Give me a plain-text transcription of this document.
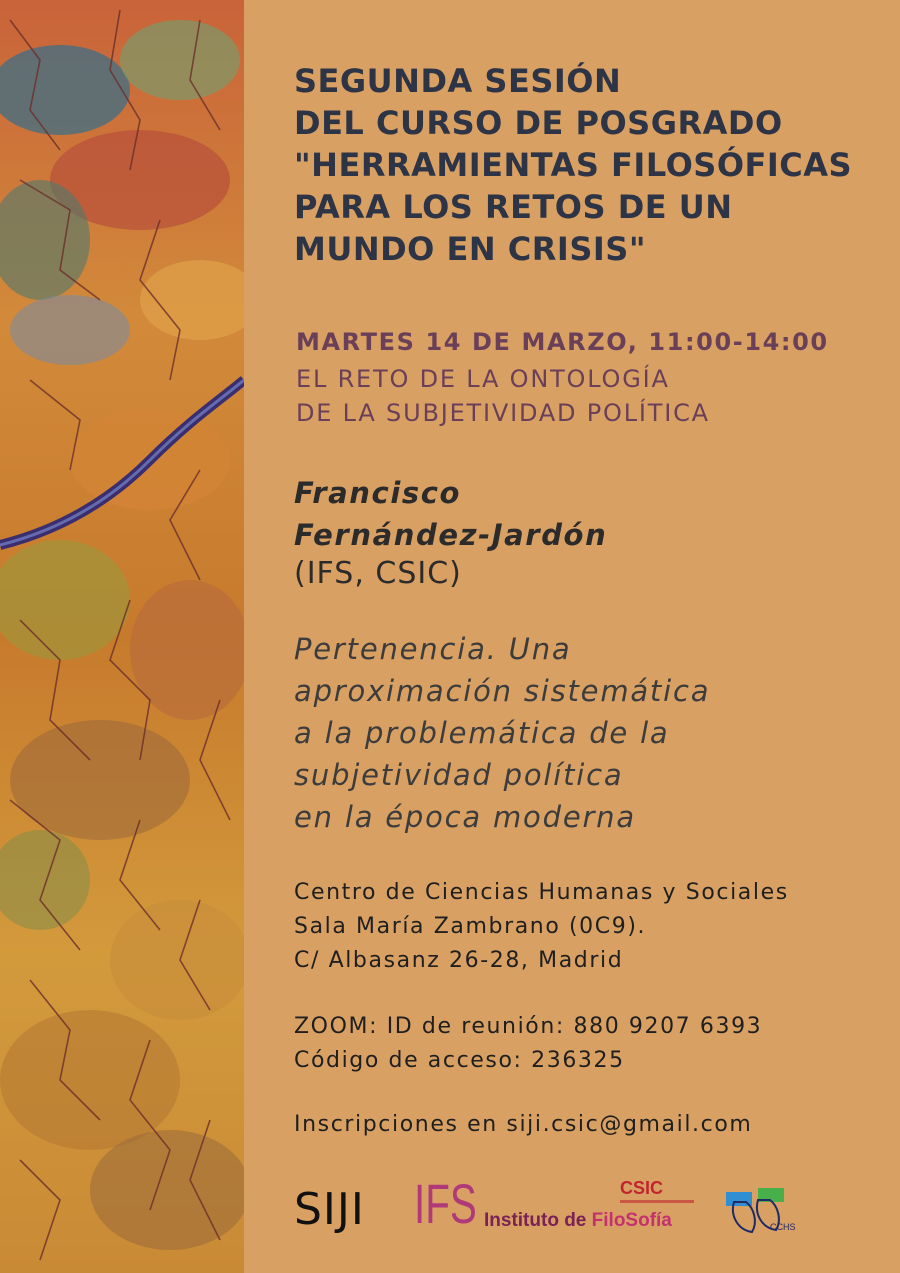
SEGUNDA SESIÓN
DEL CURSO DE POSGRADO
"HERRAMIENTAS FILOSÓFICAS
PARA LOS RETOS DE UN
MUNDO EN CRISIS"
MARTES 14 DE MARZO, 11:00-14:00
EL RETO DE LA ONTOLOGÍA
DE LA SUBJETIVIDAD POLÍTICA
Francisco
Fernández-Jardón
(IFS, CSIC)
Pertenencia. Una
aproximación sistemática
a la problemática de la
subjetividad política
en la época moderna
Centro de Ciencias Humanas y Sociales
Sala María Zambrano (0C9).
C/ Albasanz 26-28, Madrid
ZOOM: ID de reunión: 880 9207 6393
Código de acceso: 236325
Inscripciones en siji.csic@gmail.com
SIJI IFS Instituto de FiloSofía
CSIC
CCHS
